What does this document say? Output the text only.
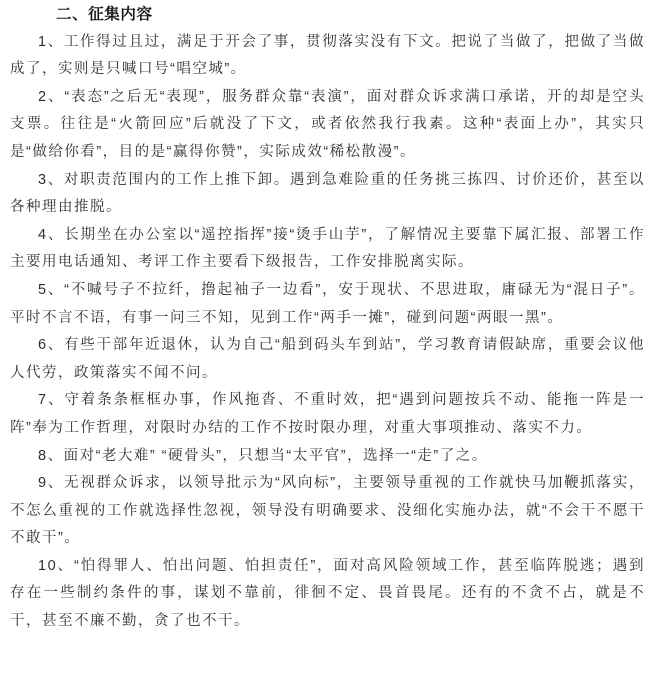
二、征集内容

1、工作得过且过，满足于开会了事，贯彻落实没有下文。把说了当做了，把做了当做成了，实则是只喊口号“唱空城”。

2、“表态”之后无“表现”，服务群众靠“表演”，面对群众诉求满口承诺，开的却是空头支票。往往是“火箭回应”后就没了下文，或者依然我行我素。这种“表面上办”，其实只是“做给你看”，目的是“赢得你赞”，实际成效“稀松散漫”。

3、对职责范围内的工作上推下卸。遇到急难险重的任务挑三拣四、讨价还价，甚至以各种理由推脱。

4、长期坐在办公室以“遥控指挥”接“烫手山芋”，了解情况主要靠下属汇报、部署工作主要用电话通知、考评工作主要看下级报告，工作安排脱离实际。

5、“不喊号子不拉纤，撸起袖子一边看”，安于现状、不思进取，庸碌无为“混日子”。平时不言不语，有事一问三不知，见到工作“两手一摊”，碰到问题“两眼一黑”。

6、有些干部年近退休，认为自己“船到码头车到站”，学习教育请假缺席，重要会议他人代劳，政策落实不闻不问。

7、守着条条框框办事，作风拖沓、不重时效，把“遇到问题按兵不动、能拖一阵是一阵”奉为工作哲理，对限时办结的工作不按时限办理，对重大事项推动、落实不力。

8、面对“老大难” “硬骨头”，只想当“太平官”，选择一“走”了之。

9、无视群众诉求，以领导批示为“风向标”，主要领导重视的工作就快马加鞭抓落实，不怎么重视的工作就选择性忽视，领导没有明确要求、没细化实施办法，就“不会干不愿干不敢干”。

10、“怕得罪人、怕出问题、怕担责任”，面对高风险领域工作，甚至临阵脱逃；遇到存在一些制约条件的事，谋划不靠前，徘徊不定、畏首畏尾。还有的不贪不占，就是不干，甚至不廉不勤，贪了也不干。
